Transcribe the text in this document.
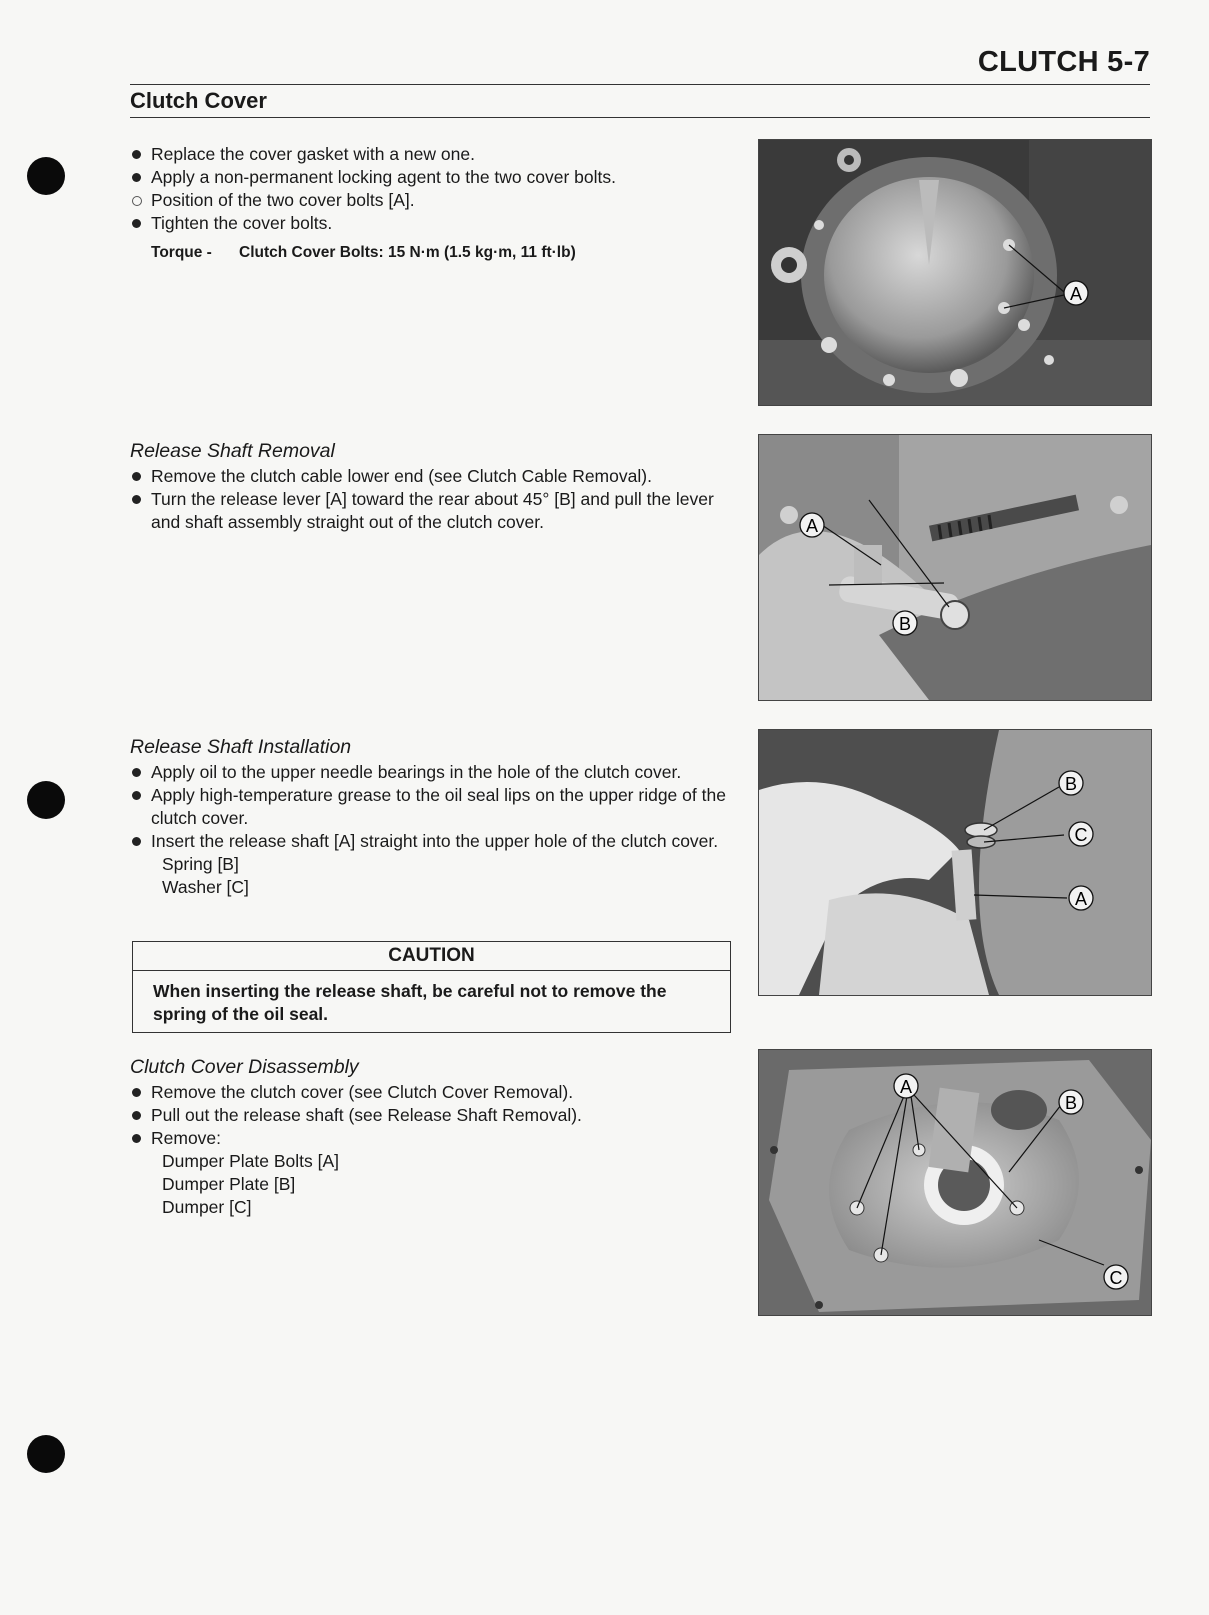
CLUTCH 5-7
Clutch Cover
Replace the cover gasket with a new one.
Apply a non-permanent locking agent to the two cover bolts.
Position of the two cover bolts [A].
Tighten the cover bolts.
Torque - Clutch Cover Bolts: 15 N·m (1.5 kg·m, 11 ft·lb)
Release Shaft Removal
Remove the clutch cable lower end (see Clutch Cable Removal).
Turn the release lever [A] toward the rear about 45° [B] and pull the lever and shaft assembly straight out of the clutch cover.
Release Shaft Installation
Apply oil to the upper needle bearings in the hole of the clutch cover.
Apply high-temperature grease to the oil seal lips on the upper ridge of the clutch cover.
Insert the release shaft [A] straight into the upper hole of the clutch cover.
Spring [B]
Washer [C]
CAUTION
When inserting the release shaft, be careful not to remove the spring of the oil seal.
Clutch Cover Disassembly
Remove the clutch cover (see Clutch Cover Removal).
Pull out the release shaft (see Release Shaft Removal).
Remove:
Dumper Plate Bolts [A]
Dumper Plate [B]
Dumper [C]
A
A
B
B
C
A
A
B
C
